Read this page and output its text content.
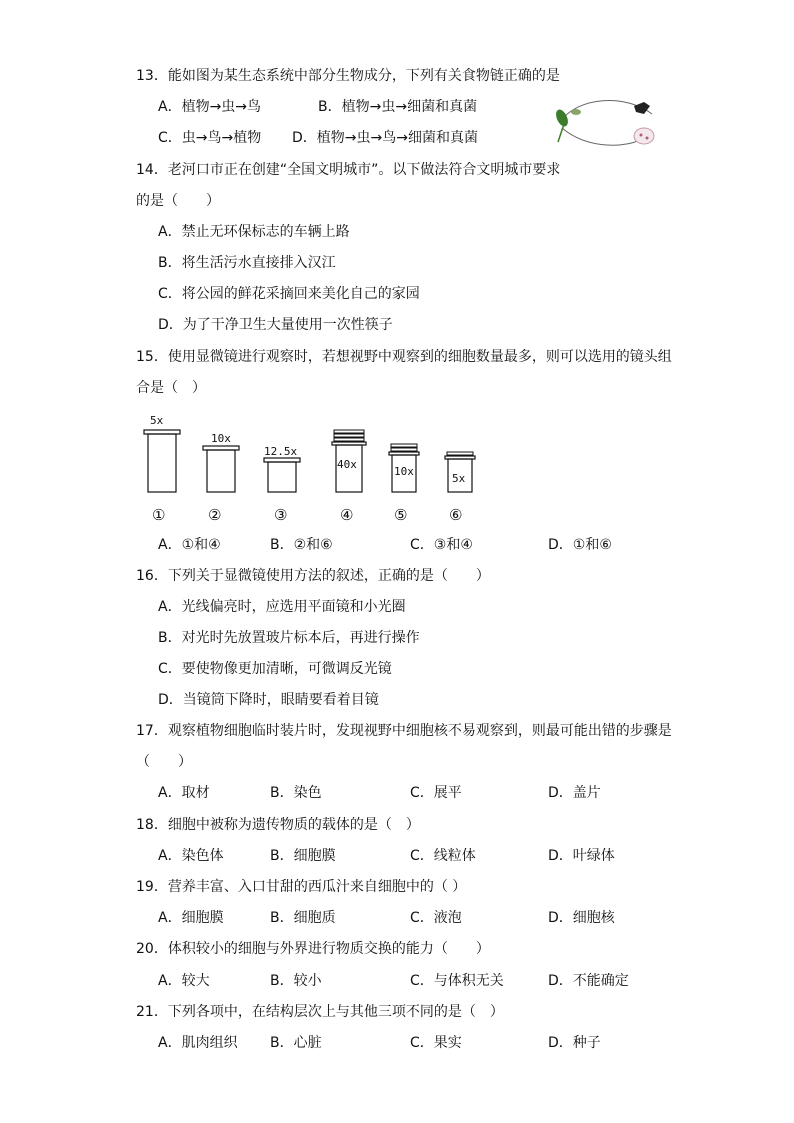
13．能如图为某生态系统中部分生物成分，下列有关食物链正确的是
A．植物→虫→鸟	B．植物→虫→细菌和真菌
C．虫→鸟→植物 D．植物→虫→鸟→细菌和真菌
14．老河口市正在创建“全国文明城市”。以下做法符合文明城市要求
的是（　　）
A．禁止无环保标志的车辆上路
B．将生活污水直接排入汉江
C．将公园的鲜花采摘回来美化自己的家园
D．为了干净卫生大量使用一次性筷子
15．使用显微镜进行观察时，若想视野中观察到的细胞数量最多，则可以选用的镜头组
合是（　）
5x
①
10x
②
12.5x
③
40x
④
10x
⑤
5x
⑥
A．①和④	B．②和⑥	C．③和④	D．①和⑥
16．下列关于显微镜使用方法的叙述，正确的是（　　）
A．光线偏亮时，应选用平面镜和小光圈
B．对光时先放置玻片标本后，再进行操作
C．要使物像更加清晰，可微调反光镜
D．当镜筒下降时，眼睛要看着目镜
17．观察植物细胞临时装片时，发现视野中细胞核不易观察到，则最可能出错的步骤是
（　　）
A．取材	B．染色	C．展平	D．盖片
18．细胞中被称为遗传物质的载体的是（　）
A．染色体	B．细胞膜	C．线粒体	D．叶绿体
19．营养丰富、入口甘甜的西瓜汁来自细胞中的（ ）
A．细胞膜	B．细胞质	C．液泡	D．细胞核
20．体积较小的细胞与外界进行物质交换的能力（　　）
A．较大	B．较小	C．与体积无关	D．不能确定
21．下列各项中，在结构层次上与其他三项不同的是（　）
A．肌肉组织 B．心脏	C．果实	D．种子
